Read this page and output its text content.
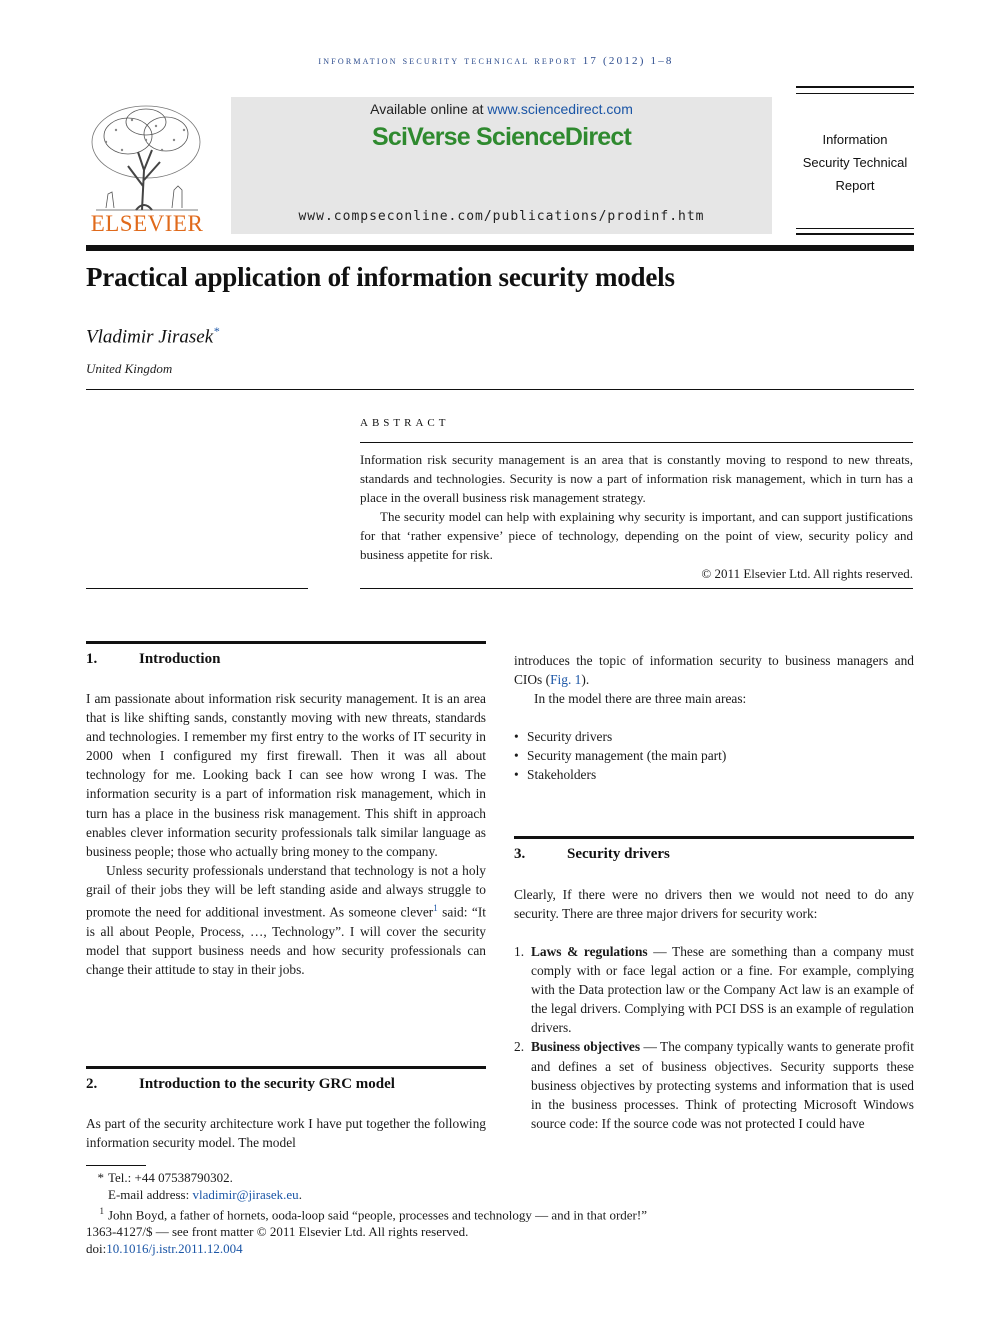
information security technical report 17 (2012) 1–8
ELSEVIER
Available online at www.sciencedirect.com
SciVerse ScienceDirect
www.compseconline.com/publications/prodinf.htm
Information
Security Technical
Report
Practical application of information security models
Vladimir Jirasek*
United Kingdom
ABSTRACT

Information risk security management is an area that is constantly moving to respond to new threats, standards and technologies. Security is now a part of information risk management, which in turn has a place in the overall business risk management strategy.

The security model can help with explaining why security is important, and can support justifications for that ‘rather expensive’ piece of technology, depending on the point of view, security policy and business appetite for risk.

© 2011 Elsevier Ltd. All rights reserved.
1.	Introduction

I am passionate about information risk security management. It is an area that is like shifting sands, constantly moving with new threats, standards and technologies. I remember my first entry to the works of IT security in 2000 when I configured my first firewall. Then it was all about technology for me. Looking back I can see how wrong I was. The information security is a part of information risk management, which in turn has a place in the business risk management. This shift in approach enables clever information security professionals talk similar language as business people; those who actually bring money to the company.

Unless security professionals understand that technology is not a holy grail of their jobs they will be left standing aside and always struggle to promote the need for additional investment. As someone clever$^1$ said: “It is all about People, Process, …, Technology”. I will cover the security model that support business needs and how security professionals can change their attitude to stay in their jobs.

2.	Introduction to the security GRC model

As part of the security architecture work I have put together the following information security model. The model

introduces the topic of information security to business managers and CIOs (Fig. 1).

In the model there are three main areas:

• Security drivers
• Security management (the main part)
• Stakeholders
3.	Security drivers

Clearly, If there were no drivers then we would not need to do any security. There are three major drivers for security work:

1. Laws & regulations — These are something than a company must comply with or face legal action or a fine. For example, complying with the Data protection law or the Company Act law is an example of the legal drivers. Complying with PCI DSS is an example of regulation drivers.
2. Business objectives — The company typically wants to generate profit and defines a set of business objectives. Security supports these business objectives by protecting systems and information that is used in the business processes. Think of protecting Microsoft Windows source code: If the source code was not protected I could have
* Tel.: +44 07538790302.
E-mail address: vladimir@jirasek.eu.
$^1$ John Boyd, a father of hornets, ooda-loop said “people, processes and technology — and in that order!”
1363-4127/$ — see front matter © 2011 Elsevier Ltd. All rights reserved.
doi:10.1016/j.istr.2011.12.004
